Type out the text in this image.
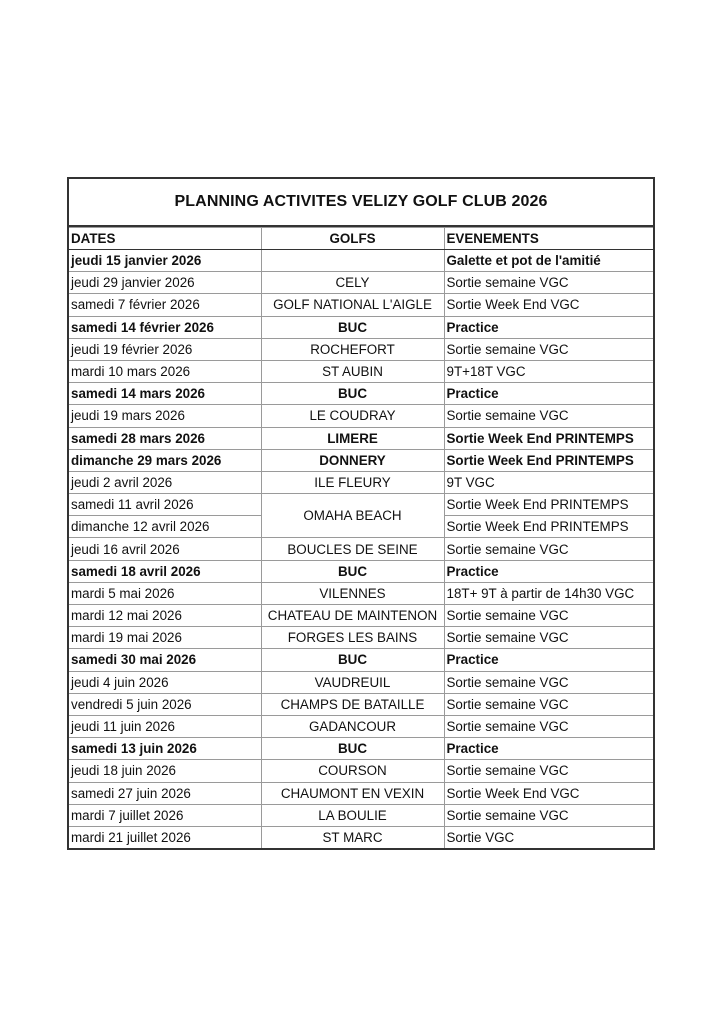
PLANNING ACTIVITES VELIZY GOLF CLUB 2026
DATES	GOLFS	EVENEMENTS
jeudi 15 janvier 2026		Galette et pot de l'amitié
jeudi 29 janvier 2026	CELY	Sortie semaine VGC
samedi 7 février 2026	GOLF NATIONAL L'AIGLE	Sortie Week End VGC
samedi 14 février 2026	BUC	Practice
jeudi 19 février 2026	ROCHEFORT	Sortie semaine VGC
mardi 10 mars 2026	ST AUBIN	9T+18T VGC
samedi 14 mars 2026	BUC	Practice
jeudi 19 mars 2026	LE COUDRAY	Sortie semaine VGC
samedi 28 mars 2026	LIMERE	Sortie Week End PRINTEMPS
dimanche 29 mars 2026	DONNERY	Sortie Week End PRINTEMPS
jeudi 2 avril 2026	ILE FLEURY	9T VGC
samedi 11 avril 2026	OMAHA BEACH	Sortie Week End PRINTEMPS
dimanche 12 avril 2026		Sortie Week End PRINTEMPS
jeudi 16 avril 2026	BOUCLES DE SEINE	Sortie semaine VGC
samedi 18 avril 2026	BUC	Practice
mardi 5 mai 2026	VILENNES	18T+ 9T à partir de 14h30 VGC
mardi 12 mai 2026	CHATEAU DE MAINTENON	Sortie semaine VGC
mardi 19 mai 2026	FORGES LES BAINS	Sortie semaine VGC
samedi 30 mai 2026	BUC	Practice
jeudi 4 juin 2026	VAUDREUIL	Sortie semaine VGC
vendredi 5 juin 2026	CHAMPS DE BATAILLE	Sortie semaine VGC
jeudi 11 juin 2026	GADANCOUR	Sortie semaine VGC
samedi 13 juin 2026	BUC	Practice
jeudi 18 juin 2026	COURSON	Sortie semaine VGC
samedi 27 juin 2026	CHAUMONT EN VEXIN	Sortie Week End VGC
mardi 7 juillet 2026	LA BOULIE	Sortie semaine VGC
mardi 21 juillet 2026	ST MARC	Sortie VGC
